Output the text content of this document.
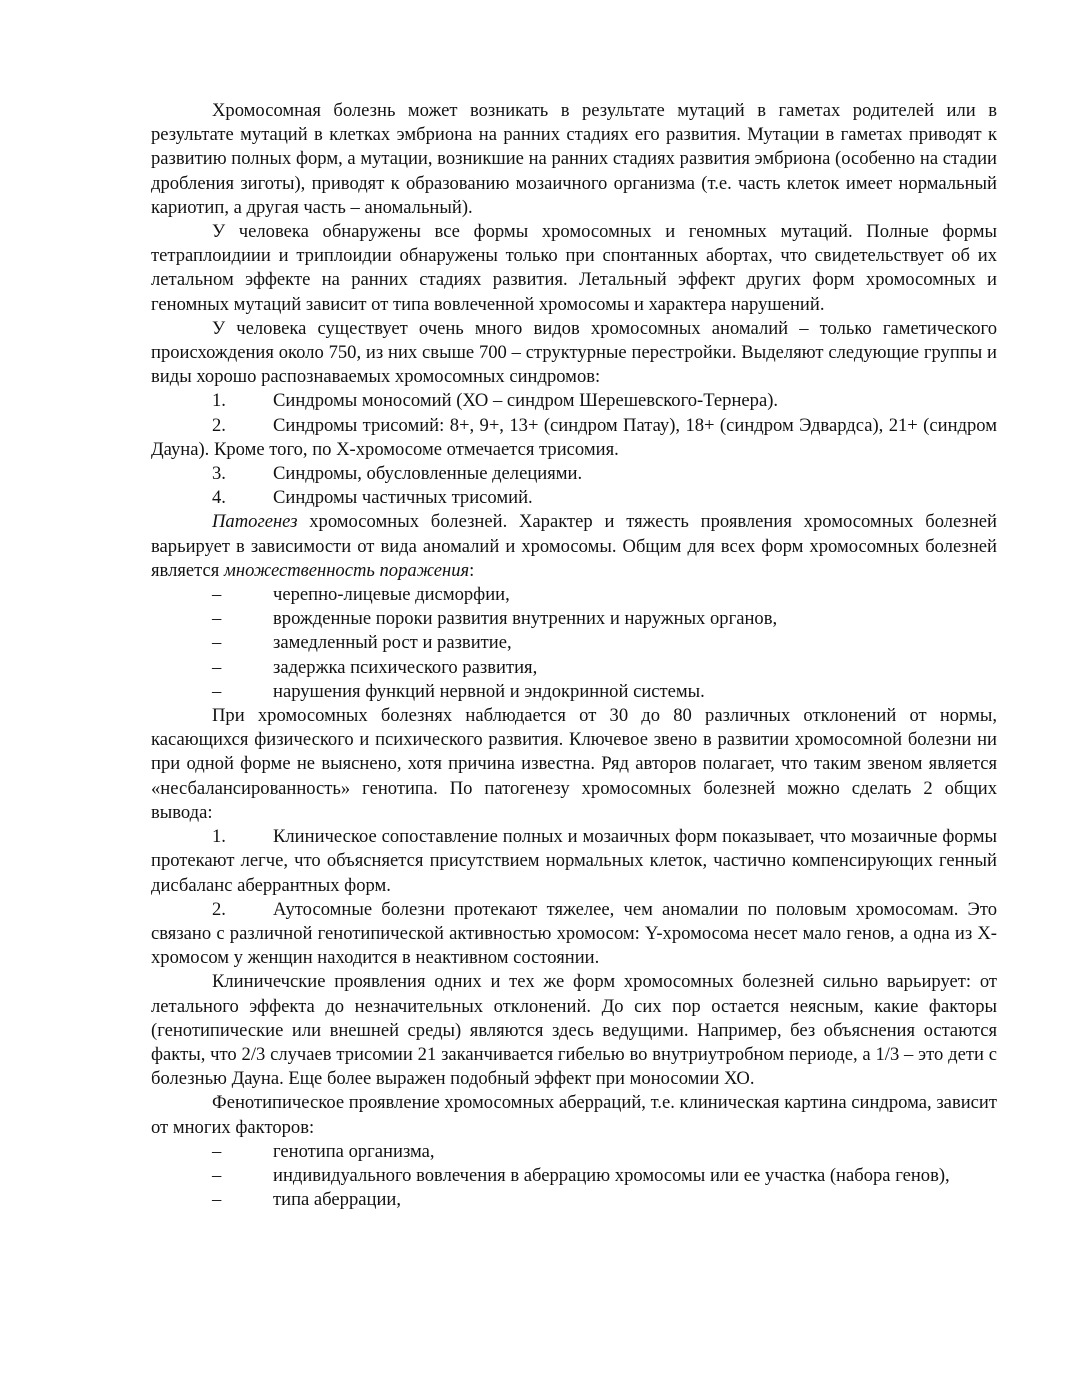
Хромосомная болезнь может возникать в результате мутаций в гаметах родителей или в результате мутаций в клетках эмбриона на ранних стадиях его развития. Мутации в гаметах приводят к развитию полных форм, а мутации, возникшие на ранних стадиях развития эмбриона (особенно на стадии дробления зиготы), приводят к образованию мозаичного организма (т.е. часть клеток имеет нормальный кариотип, а другая часть – аномальный).

У человека обнаружены все формы хромосомных и геномных мутаций. Полные формы тетраплоидиии и триплоидии обнаружены только при спонтанных абортах, что свидетельствует об их летальном эффекте на ранних стадиях развития. Летальный эффект других форм хромосомных и геномных мутаций зависит от типа вовлеченной хромосомы и характера нарушений.

У человека существует очень много видов хромосомных аномалий – только гаметического происхождения около 750, из них свыше 700 – структурные перестройки. Выделяют следующие группы и виды хорошо распознаваемых хромосомных синдромов:

1.	Синдромы моносомий (ХО – синдром Шерешевского-Тернера).

2.	Синдромы трисомий: 8+, 9+, 13+ (синдром Патау), 18+ (синдром Эдвардса), 21+ (синдром Дауна). Кроме того, по Х-хромосоме отмечается трисомия.

3.	Синдромы, обусловленные делециями.

4.	Синдромы частичных трисомий.

Патогенез хромосомных болезней. Характер и тяжесть проявления хромосомных болезней варьирует в зависимости от вида аномалий и хромосомы. Общим для всех форм хромосомных болезней является множественность поражения:

–	черепно-лицевые дисморфии,

–	врожденные пороки развития внутренних и наружных органов,

–	замедленный рост и развитие,

–	задержка психического развития,

–	нарушения функций нервной и эндокринной системы.

При хромосомных болезнях наблюдается от 30 до 80 различных отклонений от нормы, касающихся физического и психического развития. Ключевое звено в развитии хромосомной болезни ни при одной форме не выяснено, хотя причина известна. Ряд авторов полагает, что таким звеном является «несбалансированность» генотипа. По патогенезу хромосомных болезней можно сделать 2 общих вывода:

1.	Клиническое сопоставление полных и мозаичных форм показывает, что мозаичные формы протекают легче, что объясняется присутствием нормальных клеток, частично компенсирующих генный дисбаланс аберрантных форм.

2.	Аутосомные болезни протекают тяжелее, чем аномалии по половым хромосомам. Это связано с различной генотипической активностью хромосом: Y-хромосома несет мало генов, а одна из Х-хромосом у женщин находится в неактивном состоянии.

Клиничечские проявления одних и тех же форм хромосомных болезней сильно варьирует: от летального эффекта до незначительных отклонений. До сих пор остается неясным, какие факторы (генотипические или внешней среды) являются здесь ведущими. Например, без объяснения остаются факты, что 2/3 случаев трисомии 21 заканчивается гибелью во внутриутробном периоде, а 1/3 – это дети с болезнью Дауна. Еще более выражен подобный эффект при моносомии ХО.

Фенотипическое проявление хромосомных аберраций, т.е. клиническая картина синдрома, зависит от многих факторов:

–	генотипа организма,

–	индивидуального вовлечения в аберрацию хромосомы или ее участка (набора генов),

–	типа аберрации,
